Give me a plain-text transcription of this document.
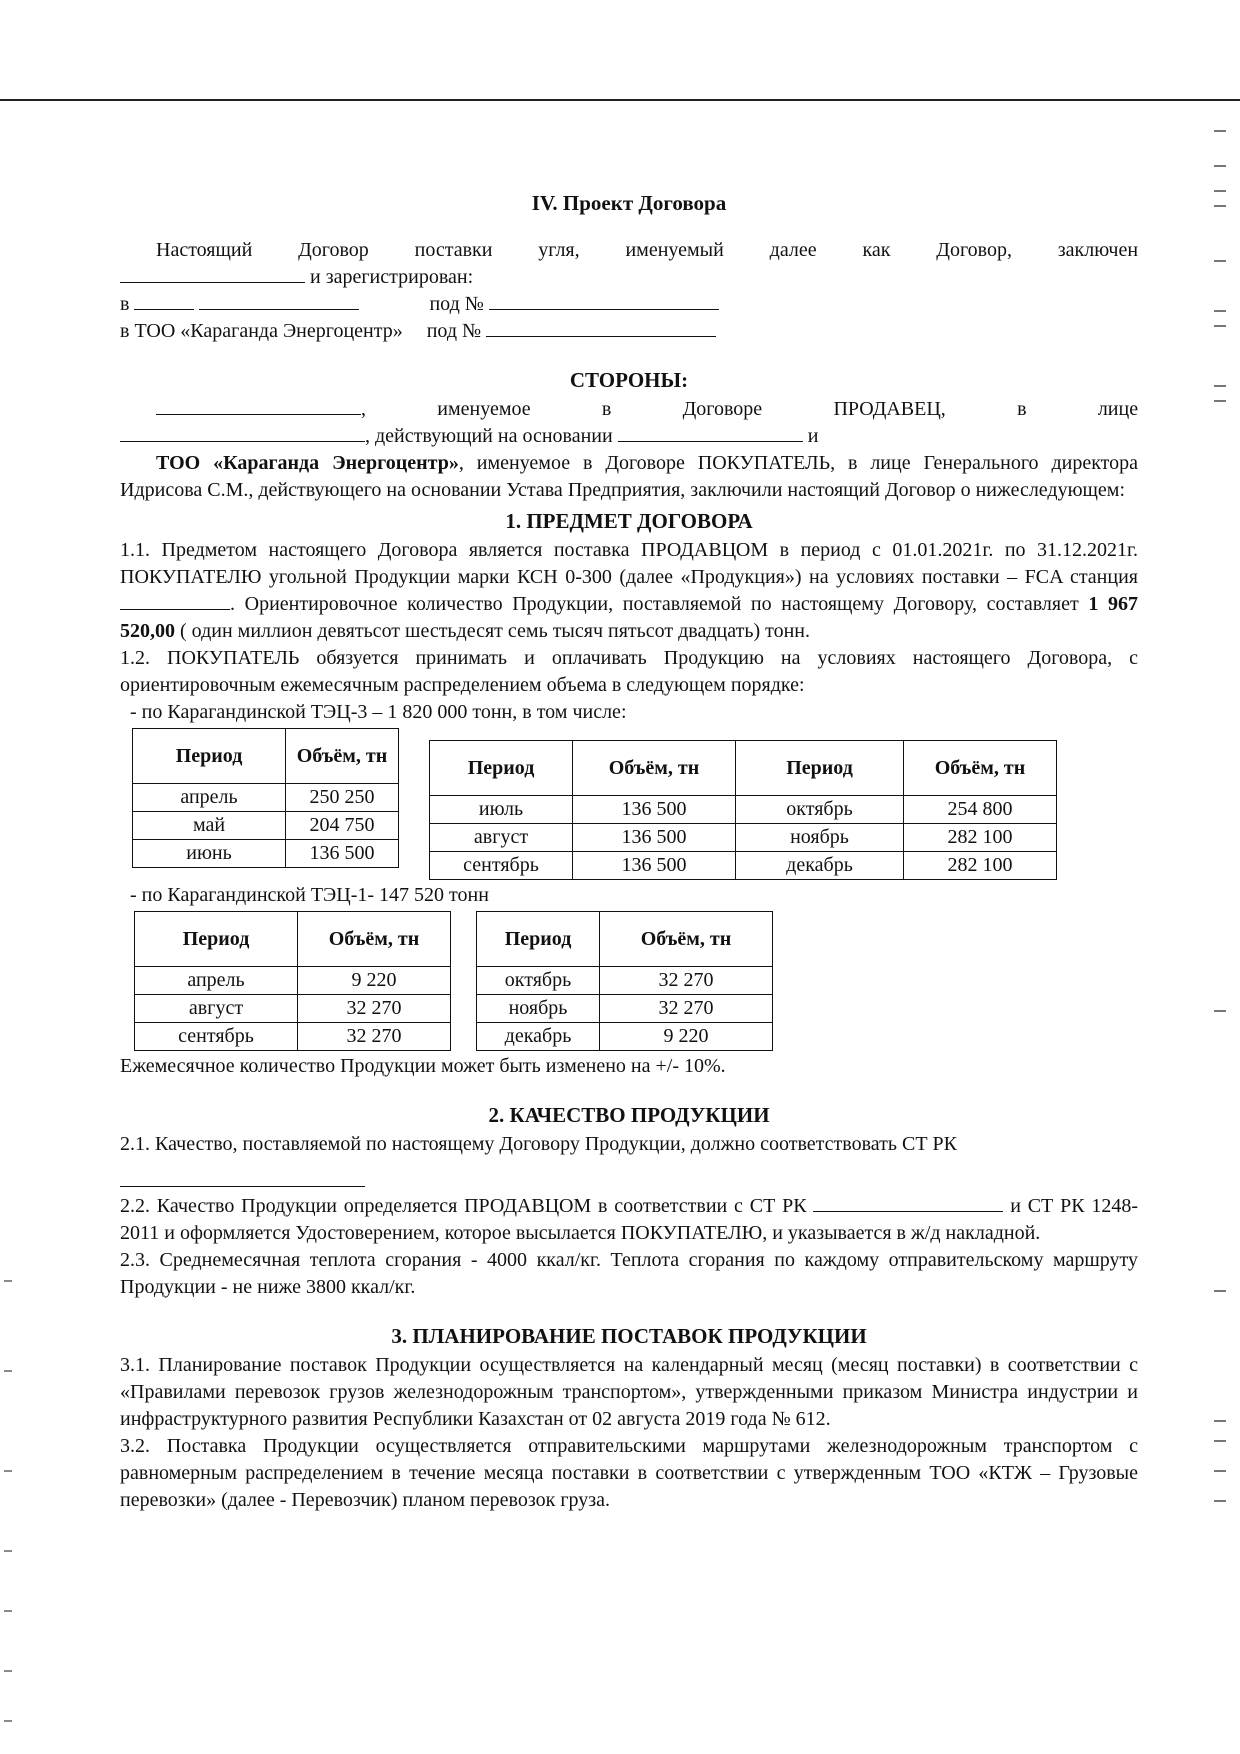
IV. Проект Договора
Настоящий Договор поставки угля, именуемый далее как Договор, заключен
и зарегистрирован:
в	под №
в ТОО «Караганда Энергоцентр» под №
СТОРОНЫ:
,	именуемое	в	Договоре	ПРОДАВЕЦ,	в	лице
, действующий на основании	и

ТОО «Караганда Энергоцентр», именуемое в Договоре ПОКУПАТЕЛЬ, в лице Генерального директора Идрисова С.М., действующего на основании Устава Предприятия, заключили настоящий Договор о нижеследующем:

1. ПРЕДМЕТ ДОГОВОРА

1.1. Предметом настоящего Договора является поставка ПРОДАВЦОМ в период с 01.01.2021г. по 31.12.2021г. ПОКУПАТЕЛЮ угольной Продукции марки КСН 0-300 (далее «Продукция») на условиях поставки – FCA станция . Ориентировочное количество Продукции, поставляемой по настоящему Договору, составляет 1 967 520,00 ( один миллион девятьсот шестьдесят семь тысяч пятьсот двадцать) тонн.

1.2. ПОКУПАТЕЛЬ обязуется принимать и оплачивать Продукцию на условиях настоящего Договора, с ориентировочным ежемесячным распределением объема в следующем порядке:

- по Карагандинской ТЭЦ-3 – 1 820 000 тонн, в том числе:
Период	Объём, тн
апрель	250 250
май	204 750
июнь	136 500
Период	Объём, тн	Период	Объём, тн
июль	136 500	октябрь	254 800
август	136 500	ноябрь	282 100
сентябрь	136 500	декабрь	282 100
- по Карагандинской ТЭЦ-1- 147 520 тонн
Период	Объём, тн
апрель	9 220
август	32 270
сентябрь	32 270
Период	Объём, тн
октябрь	32 270
ноябрь	32 270
декабрь	9 220
Ежемесячное количество Продукции может быть изменено на +/- 10%.
2. КАЧЕСТВО ПРОДУКЦИИ

2.1. Качество, поставляемой по настоящему Договору Продукции, должно соответствовать СТ РК

2.2. Качество Продукции определяется ПРОДАВЦОМ в соответствии с СТ РК	и СТ РК 1248-2011 и оформляется Удостоверением, которое высылается ПОКУПАТЕЛЮ, и указывается в ж/д накладной.

2.3. Среднемесячная теплота сгорания - 4000 ккал/кг. Теплота сгорания по каждому отправительскому маршруту Продукции - не ниже 3800 ккал/кг.

3. ПЛАНИРОВАНИЕ ПОСТАВОК ПРОДУКЦИИ

3.1. Планирование поставок Продукции осуществляется на календарный месяц (месяц поставки) в соответствии с «Правилами перевозок грузов железнодорожным транспортом», утвержденными приказом Министра индустрии и инфраструктурного развития Республики Казахстан от 02 августа 2019 года № 612.

3.2. Поставка Продукции осуществляется отправительскими маршрутами железнодорожным транспортом с равномерным распределением в течение месяца поставки в соответствии с утвержденным ТОО «КТЖ – Грузовые перевозки» (далее - Перевозчик) планом перевозок груза.
